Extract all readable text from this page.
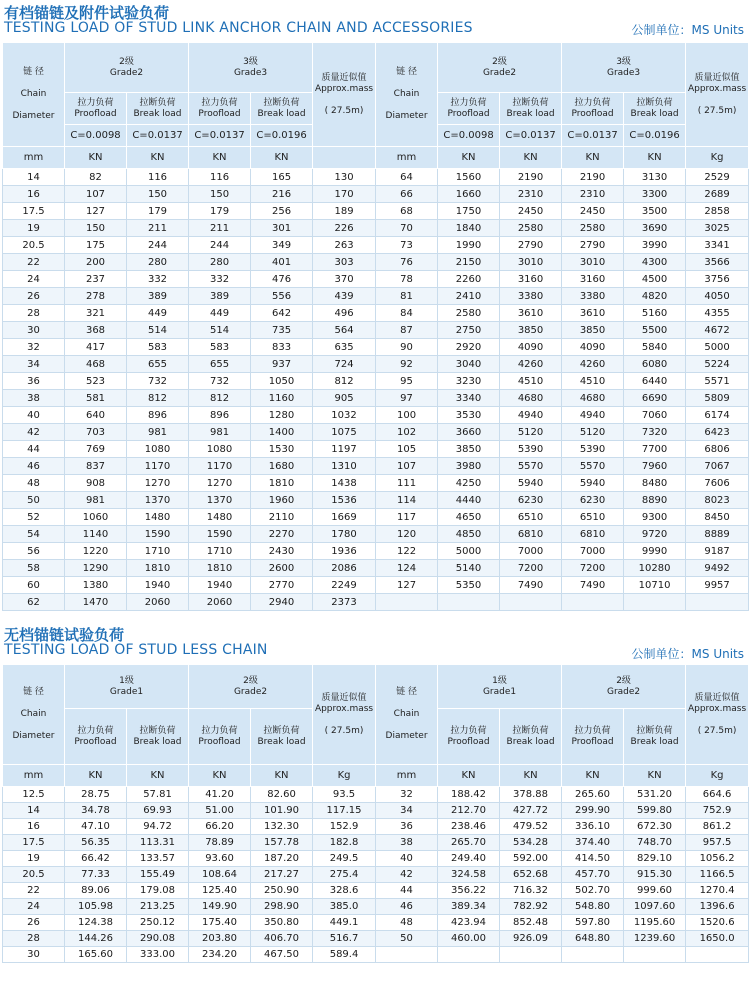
有档锚链及附件试验负荷
TESTING LOAD OF STUD LINK ANCHOR CHAIN AND ACCESSORIES	公制单位：MS Units
链 径

Chain

Diameter	2级
Grade2		3级
Grade3		质量近似值
Approx.mass

( 27.5m)	链 径

Chain

Diameter	2级
Grade2		3级
Grade3		质量近似值
Approx.mass

( 27.5m)

	拉力负荷
Proofload	拉断负荷
Break load	拉力负荷
Proofload	拉断负荷
Break load			拉力负荷
Proofload	拉断负荷
Break load	拉力负荷
Proofload	拉断负荷
Break load	

	C=0.0098	C=0.0137	C=0.0137	C=0.0196			C=0.0098	C=0.0137	C=0.0137	C=0.0196	
mm	KN	KN	KN	KN		mm	KN	KN	KN	KN	Kg
14	82	116	116	165	130	64	1560	2190	2190	3130	2529
16	107	150	150	216	170	66	1660	2310	2310	3300	2689
17.5	127	179	179	256	189	68	1750	2450	2450	3500	2858
19	150	211	211	301	226	70	1840	2580	2580	3690	3025
20.5	175	244	244	349	263	73	1990	2790	2790	3990	3341
22	200	280	280	401	303	76	2150	3010	3010	4300	3566
24	237	332	332	476	370	78	2260	3160	3160	4500	3756
26	278	389	389	556	439	81	2410	3380	3380	4820	4050
28	321	449	449	642	496	84	2580	3610	3610	5160	4355
30	368	514	514	735	564	87	2750	3850	3850	5500	4672
32	417	583	583	833	635	90	2920	4090	4090	5840	5000
34	468	655	655	937	724	92	3040	4260	4260	6080	5224
36	523	732	732	1050	812	95	3230	4510	4510	6440	5571
38	581	812	812	1160	905	97	3340	4680	4680	6690	5809
40	640	896	896	1280	1032	100	3530	4940	4940	7060	6174
42	703	981	981	1400	1075	102	3660	5120	5120	7320	6423
44	769	1080	1080	1530	1197	105	3850	5390	5390	7700	6806
46	837	1170	1170	1680	1310	107	3980	5570	5570	7960	7067
48	908	1270	1270	1810	1438	111	4250	5940	5940	8480	7606
50	981	1370	1370	1960	1536	114	4440	6230	6230	8890	8023
52	1060	1480	1480	2110	1669	117	4650	6510	6510	9300	8450
54	1140	1590	1590	2270	1780	120	4850	6810	6810	9720	8889
56	1220	1710	1710	2430	1936	122	5000	7000	7000	9990	9187
58	1290	1810	1810	2600	2086	124	5140	7200	7200	10280	9492
60	1380	1940	1940	2770	2249	127	5350	7490	7490	10710	9957
62	1470	2060	2060	2940	2373						
无档锚链试验负荷
TESTING LOAD OF STUD LESS CHAIN	公制单位：MS Units
链 径

Chain

Diameter	1级
Grade1		2级
Grade2		质量近似值
Approx.mass

( 27.5m)	链 径

Chain

Diameter	1级
Grade1		2级
Grade2		质量近似值
Approx.mass

( 27.5m)

	拉力负荷
Proofload	拉断负荷
Break load	拉力负荷
Proofload	拉断负荷
Break load			拉力负荷
Proofload	拉断负荷
Break load	拉力负荷
Proofload	拉断负荷
Break load	

mm	KN	KN	KN	KN	Kg	mm	KN	KN	KN	KN	Kg
12.5	28.75	57.81	41.20	82.60	93.5	32	188.42	378.88	265.60	531.20	664.6
14	34.78	69.93	51.00	101.90	117.15	34	212.70	427.72	299.90	599.80	752.9
16	47.10	94.72	66.20	132.30	152.9	36	238.46	479.52	336.10	672.30	861.2
17.5	56.35	113.31	78.89	157.78	182.8	38	265.70	534.28	374.40	748.70	957.5
19	66.42	133.57	93.60	187.20	249.5	40	249.40	592.00	414.50	829.10	1056.2
20.5	77.33	155.49	108.64	217.27	275.4	42	324.58	652.68	457.70	915.30	1166.5
22	89.06	179.08	125.40	250.90	328.6	44	356.22	716.32	502.70	999.60	1270.4
24	105.98	213.25	149.90	298.90	385.0	46	389.34	782.92	548.80	1097.60	1396.6
26	124.38	250.12	175.40	350.80	449.1	48	423.94	852.48	597.80	1195.60	1520.6
28	144.26	290.08	203.80	406.70	516.7	50	460.00	926.09	648.80	1239.60	1650.0
30	165.60	333.00	234.20	467.50	589.4						
